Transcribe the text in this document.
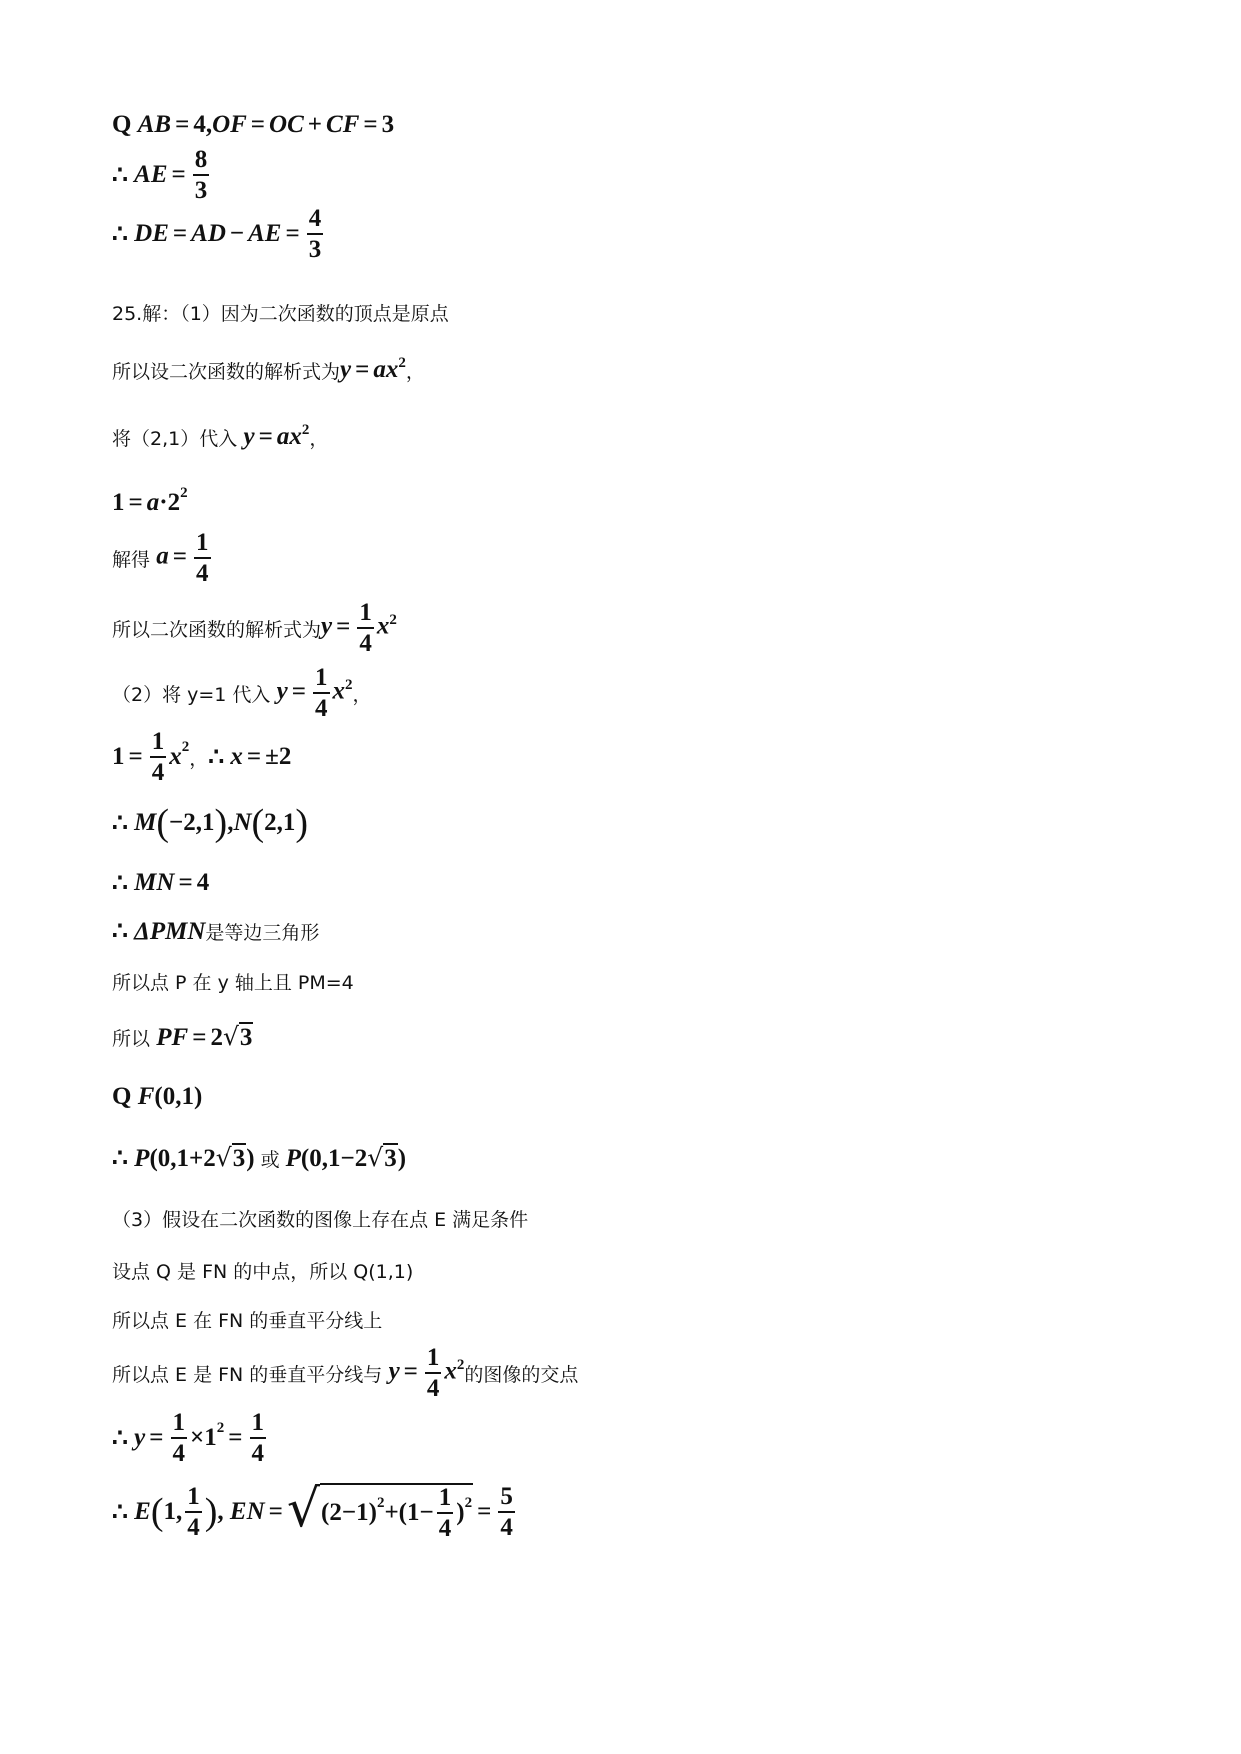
Q
AB = 4, OF = OC + CF = 3
∴
AE = $\frac{8}{3}$
∴
DE = AD − AE = $\frac{4}{3}$
25.解：（1）因为二次函数的顶点是原点
所以设二次函数的解析式为 $y = ax^2$ ，
将（2,1）代入 $y = ax^2$ ，
1 = a · 2 2
解得 $a = \frac{1}{4}$
所以二次函数的解析式为 $y = \frac{1}{4} x^2$
（2）将 y=1 代入 $y = \frac{1}{4} x^2$ ，
$1 = \frac{1}{4}$ x 2
， ∴
x = ±2
∴
M ( −2,1 ) , N ( 2,1 )
∴
MN = 4
∴ ΔPMN 是等边三角形
所以点 P 在 y 轴上且 PM=4
所以 PF = 2 √ 3
Q
F (0,1)
∴ P(0,1+2 √ 3 ) 或 P(0,1−2 √ 3 )
（3）假设在二次函数的图像上存在点 E 满足条件
设点 Q 是 FN 的中点，所以 Q(1,1)
所以点 E 在 FN 的垂直平分线上
所以点 E 是 FN 的垂直平分线与 $y = \frac{1}{4} x^2$ 的图像的交点
∴
$y = \frac{1}{4} \times 1$ $2 = \frac{1}{4}$
∴
E ( 1, $\frac{1}{4}$ ) ,
EN = √ (2−1) $2 +(1- \frac{1}{4}$ ) $2 = \frac{5}{4}$
